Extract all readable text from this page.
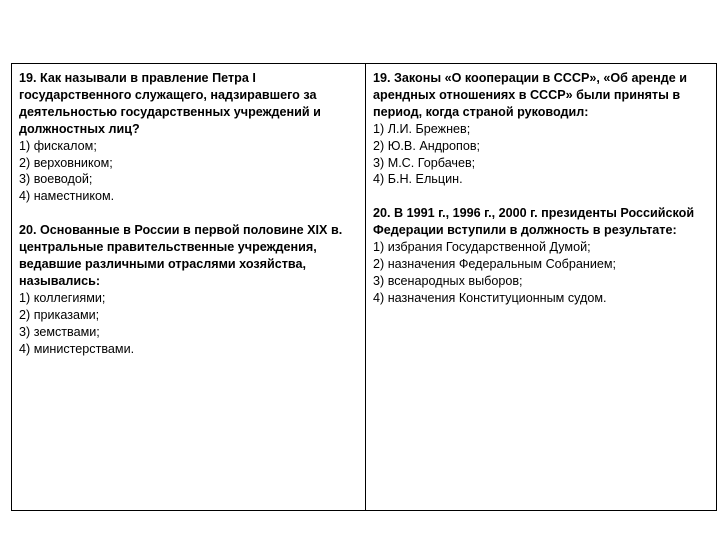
19. Как называли в правление Петра I государственного служащего, надзиравшего за деятельностью государственных учреждений и должностных лиц?
1) фискалом;
2) верховником;
3) воеводой;
4) наместником.
20. Основанные в России в первой половине XIX в. центральные правительственные учреждения, ведавшие различными отраслями хозяйства, назывались:
1) коллегиями;
2) приказами;
3) земствами;
4) министерствами.
19. Законы «О кооперации в СССР», «Об аренде и арендных отношениях в СССР» были приняты в период, когда страной руководил:
1) Л.И. Брежнев;
2) Ю.В. Андропов;
3) М.С. Горбачев;
4) Б.Н. Ельцин.
20. В 1991 г., 1996 г., 2000 г. президенты Российской Федерации вступили в должность в результате:
1) избрания Государственной Думой;
2) назначения Федеральным Собранием;
3) всенародных выборов;
4) назначения Конституционным судом.
